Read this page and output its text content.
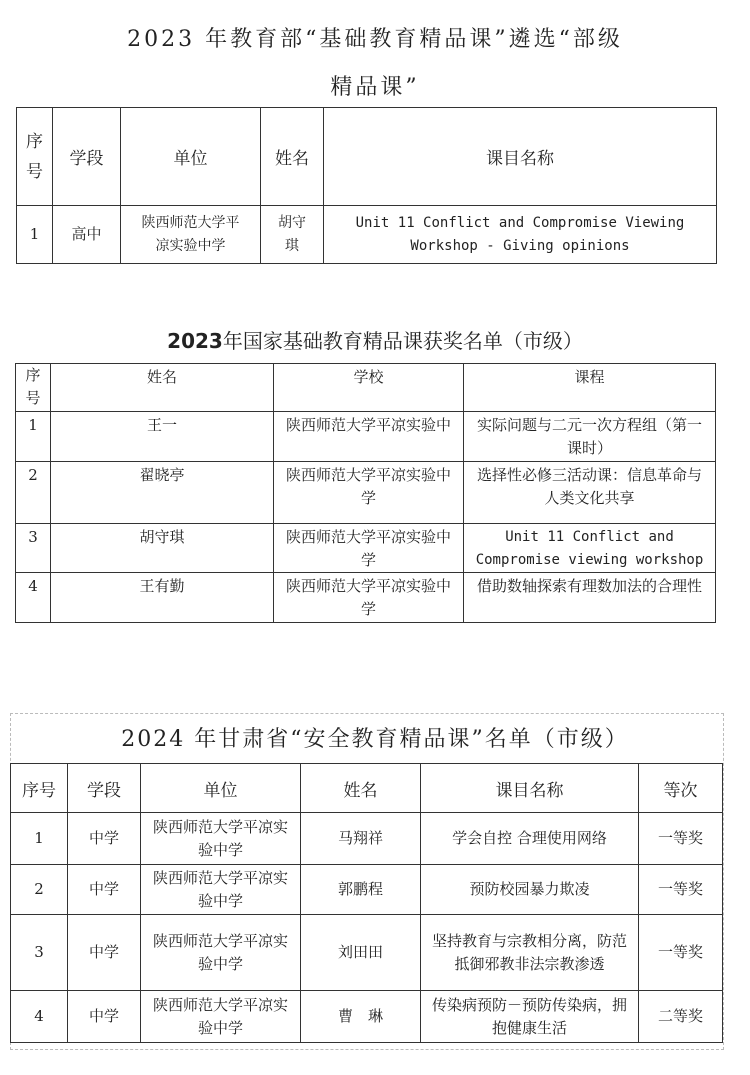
2023 年教育部“基础教育精品课”遴选“部级
精品课”
序号	学段	单位	姓名	课目名称
1	高中	陕西师范大学平凉实验中学	胡守琪	Unit 11 Conflict and Compromise Viewing Workshop - Giving opinions
2023年国家基础教育精品课获奖名单（市级）
序号	姓名	学校	课程
1	王一	陕西师范大学平凉实验中	实际问题与二元一次方程组（第一课时）
2	翟晓亭	陕西师范大学平凉实验中学	选择性必修三活动课：信息革命与人类文化共享
3	胡守琪	陕西师范大学平凉实验中学	Unit 11 Conflict and Compromise viewing workshop
4	王有勤	陕西师范大学平凉实验中学	借助数轴探索有理数加法的合理性
2024 年甘肃省“安全教育精品课”名单（市级）
序号	学段	单位	姓名	课目名称	等次
1	中学	陕西师范大学平凉实验中学	马翔祥	学会自控 合理使用网络	一等奖
2	中学	陕西师范大学平凉实验中学	郭鹏程	预防校园暴力欺凌	一等奖
3	中学	陕西师范大学平凉实验中学	刘田田	坚持教育与宗教相分离，防范抵御邪教非法宗教渗透	一等奖
4	中学	陕西师范大学平凉实验中学	曹　琳	传染病预防－预防传染病，拥抱健康生活	二等奖
